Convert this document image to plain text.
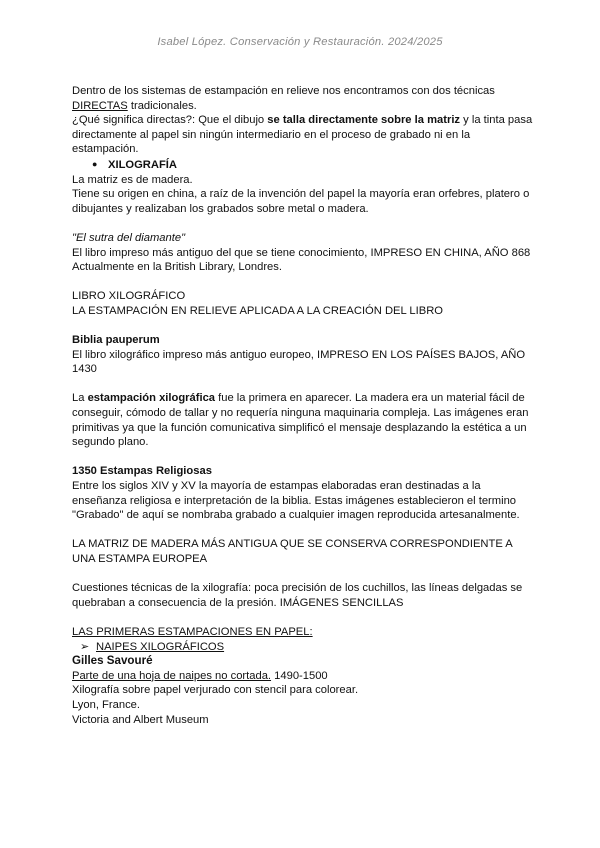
Isabel López. Conservación y Restauración. 2024/2025

Dentro de los sistemas de estampación en relieve nos encontramos con dos técnicas
DIRECTAS tradicionales.

¿Qué significa directas?: Que el dibujo se talla directamente sobre la matriz y la tinta pasa directamente al papel sin ningún intermediario en el proceso de grabado ni en la estampación.

● XILOGRAFÍA

La matriz es de madera.

Tiene su origen en china, a raíz de la invención del papel la mayoría eran orfebres, platero o dibujantes y realizaban los grabados sobre metal o madera.

"El sutra del diamante"

El libro impreso más antiguo del que se tiene conocimiento, IMPRESO EN CHINA, AÑO 868

Actualmente en la British Library, Londres.

LIBRO XILOGRÁFICO

LA ESTAMPACIÓN EN RELIEVE APLICADA A LA CREACIÓN DEL LIBRO

Biblia pauperum

El libro xilográfico impreso más antiguo europeo, IMPRESO EN LOS PAÍSES BAJOS, AÑO 1430

La estampación xilográfica fue la primera en aparecer. La madera era un material fácil de conseguir, cómodo de tallar y no requería ninguna maquinaria compleja. Las imágenes eran primitivas ya que la función comunicativa simplificó el mensaje desplazando la estética a un segundo plano.

1350 Estampas Religiosas

Entre los siglos XIV y XV la mayoría de estampas elaboradas eran destinadas a la enseñanza religiosa e interpretación de la biblia. Estas imágenes establecieron el termino "Grabado" de aquí se nombraba grabado a cualquier imagen reproducida artesanalmente.

LA MATRIZ DE MADERA MÁS ANTIGUA QUE SE CONSERVA CORRESPONDIENTE A UNA ESTAMPA EUROPEA

Cuestiones técnicas de la xilografía: poca precisión de los cuchillos, las líneas delgadas se quebraban a consecuencia de la presión. IMÁGENES SENCILLAS

LAS PRIMERAS ESTAMPACIONES EN PAPEL:

➢ NAIPES XILOGRÁFICOS

Gilles Savouré

Parte de una hoja de naipes no cortada. 1490-1500

Xilografía sobre papel verjurado con stencil para colorear.

Lyon, France.

Victoria and Albert Museum
